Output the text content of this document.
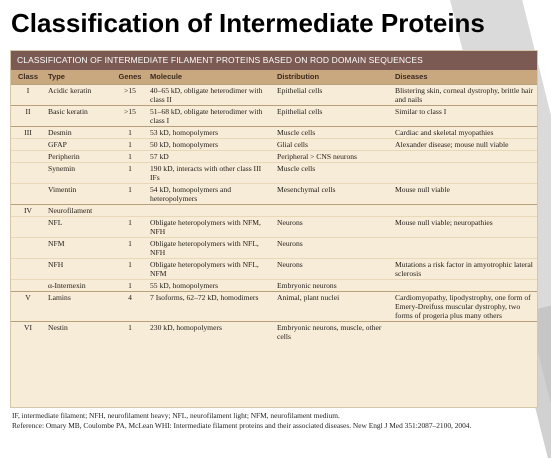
Classification of Intermediate Proteins
CLASSIFICATION OF INTERMEDIATE FILAMENT PROTEINS BASED ON ROD DOMAIN SEQUENCES
Class	Type	Genes	Molecule	Distribution	Diseases
I	Acidic keratin	>15	40–65 kD, obligate heterodimer with class II	Epithelial cells	Blistering skin, corneal dystrophy, brittle hair and nails
II	Basic keratin	>15	51–68 kD, obligate heterodimer with class I	Epithelial cells	Similar to class I
III	Desmin	1	53 kD, homopolymers	Muscle cells	Cardiac and skeletal myopathies
	GFAP	1	50 kD, homopolymers	Glial cells	Alexander disease; mouse null viable
	Peripherin	1	57 kD	Peripheral > CNS neurons	
	Synemin	1	190 kD, interacts with other class III IFs	Muscle cells	
	Vimentin	1	54 kD, homopolymers and heteropolymers	Mesenchymal cells	Mouse null viable
IV	Neurofilament				
	NFL	1	Obligate heteropolymers with NFM, NFH	Neurons	Mouse null viable; neuropathies
	NFM	1	Obligate heteropolymers with NFL, NFH	Neurons	
	NFH	1	Obligate heteropolymers with NFL, NFM	Neurons	Mutations a risk factor in amyotrophic lateral sclerosis
	α-Internexin	1	55 kD, homopolymers	Embryonic neurons	
V	Lamins	4	7 Isoforms, 62–72 kD, homodimers	Animal, plant nuclei	Cardiomyopathy, lipodystrophy, one form of Emery-Dreifuss muscular dystrophy, two forms of progeria plus many others
VI	Nestin	1	230 kD, homopolymers	Embryonic neurons, muscle, other cells	

IF, intermediate filament; NFH, neurofilament heavy; NFL, neurofilament light; NFM, neurofilament medium.

Reference: Omary MB, Coulombe PA, McLean WHI: Intermediate filament proteins and their associated diseases. New Engl J Med 351:2087–2100, 2004.
